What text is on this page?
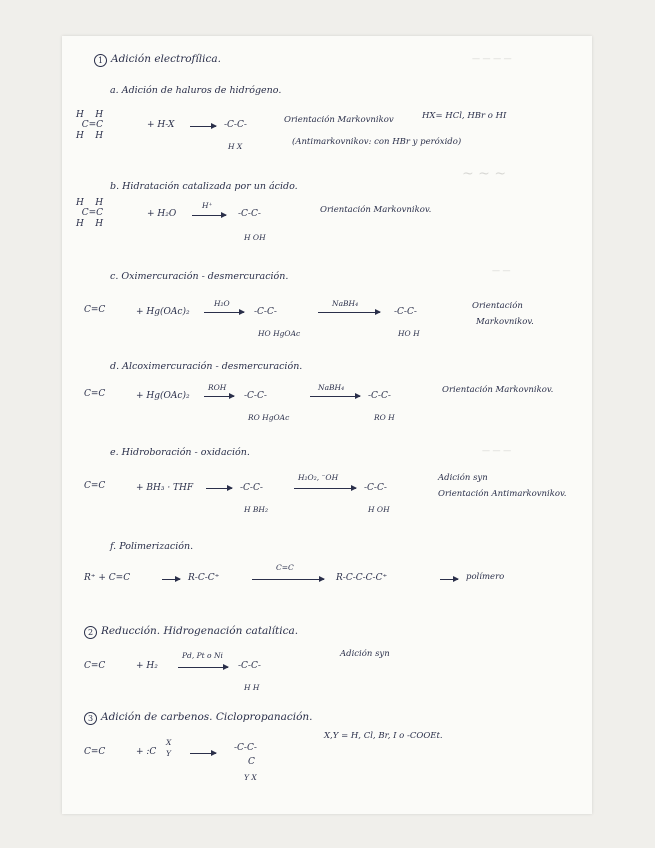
— — — —
~ ~ ~
— —
— — —
1 Adición electrofílica.
a. Adición de haluros de hidrógeno.
H    H
C=C
H    H
+ H-X	-C-C-
H X
Orientación Markovnikov	HX= HCl, HBr o HI
(Antimarkovnikov: con HBr y peróxido)
b. Hidratación catalizada por un ácido.
H    H
C=C
H    H
+ H₂O
H⁺
-C-C-
H OH
Orientación Markovnikov.
c. Oximercuración - desmercuración.
C=C	+ Hg(OAc)₂
H₂O
-C-C-
HO HgOAc
NaBH₄
-C-C-
HO H
Orientación
Markovnikov.
d. Alcoximercuración - desmercuración.
C=C	+ Hg(OAc)₂
ROH
-C-C-
RO HgOAc
NaBH₄
-C-C-
RO H
Orientación Markovnikov.
e. Hidroboración - oxidación.
C=C	+ BH₃ · THF	-C-C-
H BH₂
H₂O₂, ⁻OH
-C-C-
H OH
Adición syn
Orientación Antimarkovnikov.
f. Polimerización.
R⁺ + C=C	R-C-C⁺
C=C
R-C-C-C-C⁺	polímero
2 Reducción. Hidrogenación catalítica.
C=C	+ H₂
Pd, Pt o Ni
-C-C-
H H
Adición syn
3 Adición de carbenos. Ciclopropanación.
C=C	+ :C
X
Y	-C-C-
C
Y X
X,Y = H, Cl, Br, I o -COOEt.
